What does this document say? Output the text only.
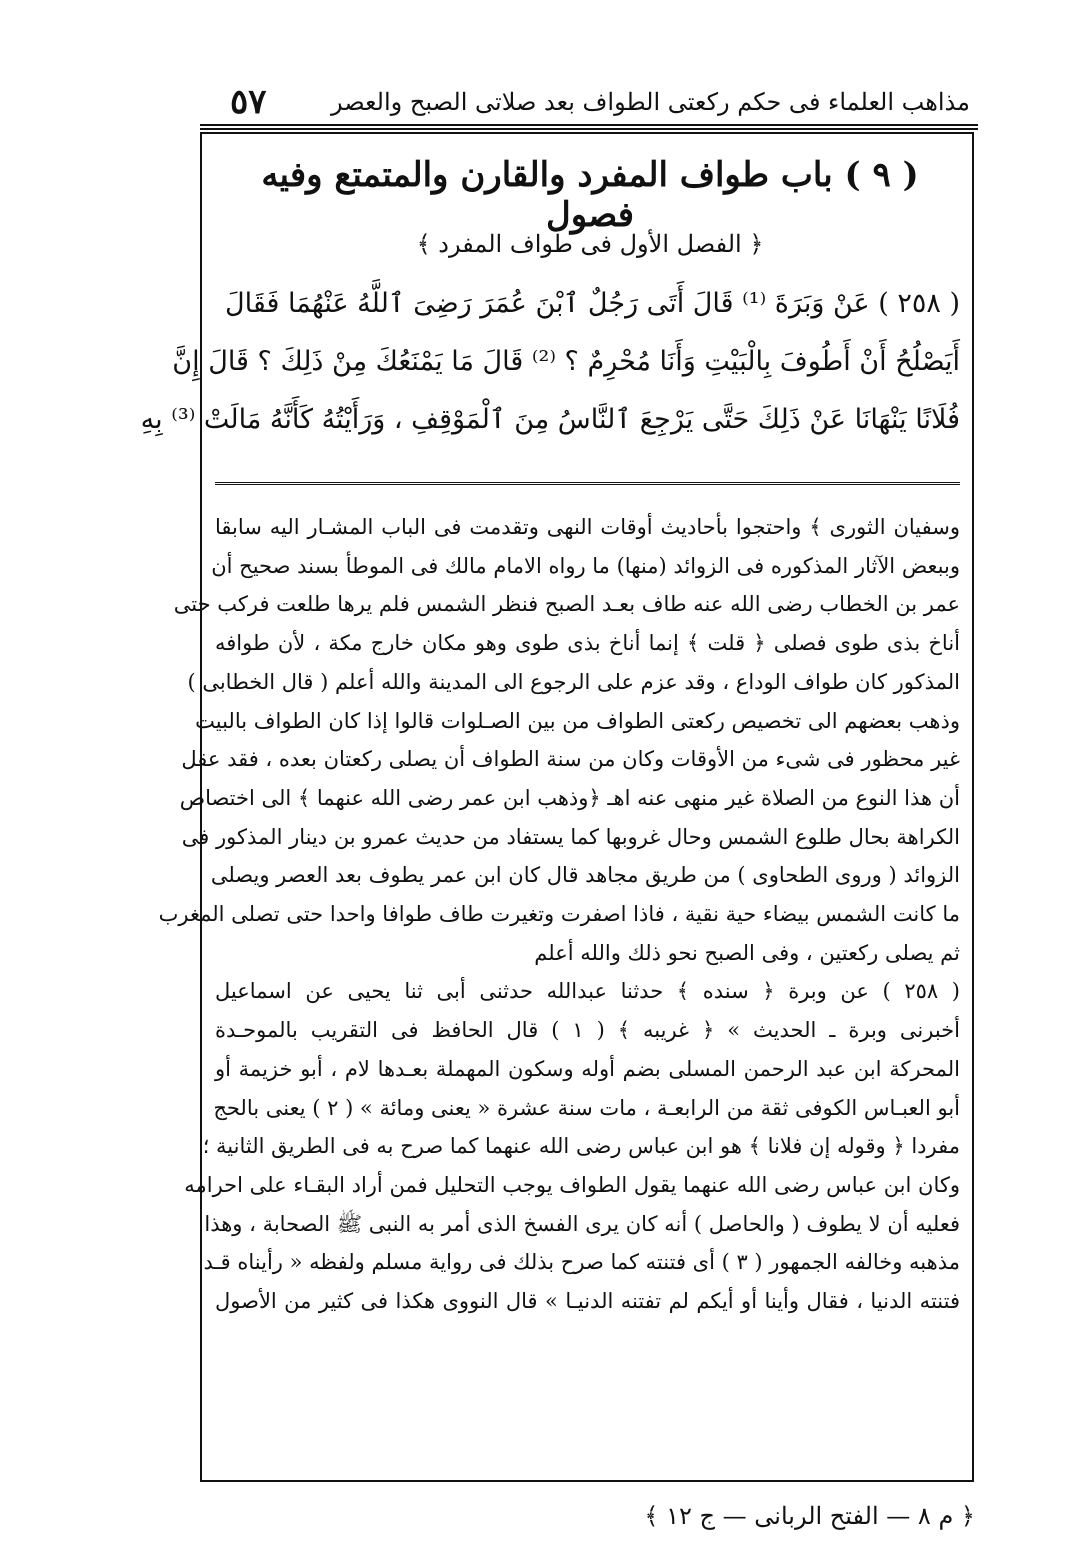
مذاهب العلماء فى حكم ركعتى الطواف بعد صلاتى الصبح والعصر
٥٧
( ٩ ) باب طواف المفرد والقارن والمتمتع وفيه فصول
﴿ الفصل الأول فى طواف المفرد ﴾

( ٢٥٨ ) عَنْ وَبَرَةَ ⁽¹⁾ قَالَ أَتَى رَجُلٌ ٱبْنَ عُمَرَ رَضِىَ ٱللَّهُ عَنْهُمَا فَقَالَ

أَيَصْلُحُ أَنْ أَطُوفَ بِالْبَيْتِ وَأَنَا مُحْرِمٌ ؟ ⁽²⁾ قَالَ مَا يَمْنَعُكَ مِنْ ذَلِكَ ؟ قَالَ إِنَّ

فُلَانًا يَنْهَانَا عَنْ ذَلِكَ حَتَّى يَرْجِعَ ٱلنَّاسُ مِنَ ٱلْمَوْقِفِ ، وَرَأَيْتُهُ كَأَنَّهُ مَالَتْ ⁽³⁾ بِهِ

وسفيان الثورى ﴾ واحتجوا بأحاديث أوقات النهى وتقدمت فى الباب المشـار اليه سابقا

وببعض الآثار المذكوره فى الزوائد (منها) ما رواه الامام مالك فى الموطأ بسند صحيح أن

عمر بن الخطاب رضى الله عنه طاف بعـد الصبح فنظر الشمس فلم يرها طلعت فركب حتى

أناخ بذى طوى فصلى ﴿ قلت ﴾ إنما أناخ بذى طوى وهو مكان خارج مكة ، لأن طوافه

المذكور كان طواف الوداع ، وقد عزم على الرجوع الى المدينة والله أعلم ( قال الخطابى )

وذهب بعضهم الى تخصيص ركعتى الطواف من بين الصـلوات قالوا إذا كان الطواف بالبيت

غير محظور فى شىء من الأوقات وكان من سنة الطواف أن يصلى ركعتان بعده ، فقد عقل

أن هذا النوع من الصلاة غير منهى عنه اهـ ﴿وذهب ابن عمر رضى الله عنهما ﴾ الى اختصاص

الكراهة بحال طلوع الشمس وحال غروبها كما يستفاد من حديث عمرو بن دينار المذكور فى

الزوائد ( وروى الطحاوى ) من طريق مجاهد قال كان ابن عمر يطوف بعد العصر ويصلى

ما كانت الشمس بيضاء حية نقية ، فاذا اصفرت وتغيرت طاف طوافا واحدا حتى تصلى المغرب

ثم يصلى ركعتين ، وفى الصبح نحو ذلك والله أعلم

( ٢٥٨ ) عن وبرة ﴿ سنده ﴾ حدثنا عبدالله حدثنى أبى ثنا يحيى عن اسماعيل

أخبرنى وبرة ـ الحديث » ﴿ غريبه ﴾ ( ١ ) قال الحافظ فى التقريب بالموحـدة

المحركة ابن عبد الرحمن المسلى بضم أوله وسكون المهملة بعـدها لام ، أبو خزيمة أو

أبو العبـاس الكوفى ثقة من الرابعـة ، مات سنة عشرة « يعنى ومائة » ( ٢ ) يعنى بالحج

مفردا ﴿ وقوله إن فلانا ﴾ هو ابن عباس رضى الله عنهما كما صرح به فى الطريق الثانية ؛

وكان ابن عباس رضى الله عنهما يقول الطواف يوجب التحليل فمن أراد البقـاء على احرامه

فعليه أن لا يطوف ( والحاصل ) أنه كان يرى الفسخ الذى أمر به النبى ﷺ الصحابة ، وهذا

مذهبه وخالفه الجمهور ( ٣ ) أى فتنته كما صرح بذلك فى رواية مسلم ولفظه « رأيناه قـد

فتنته الدنيا ، فقال وأينا أو أيكم لم تفتنه الدنيـا » قال النووى هكذا فى كثير من الأصول

﴿ م ٨ — الفتح الربانى — ج ١٢ ﴾
